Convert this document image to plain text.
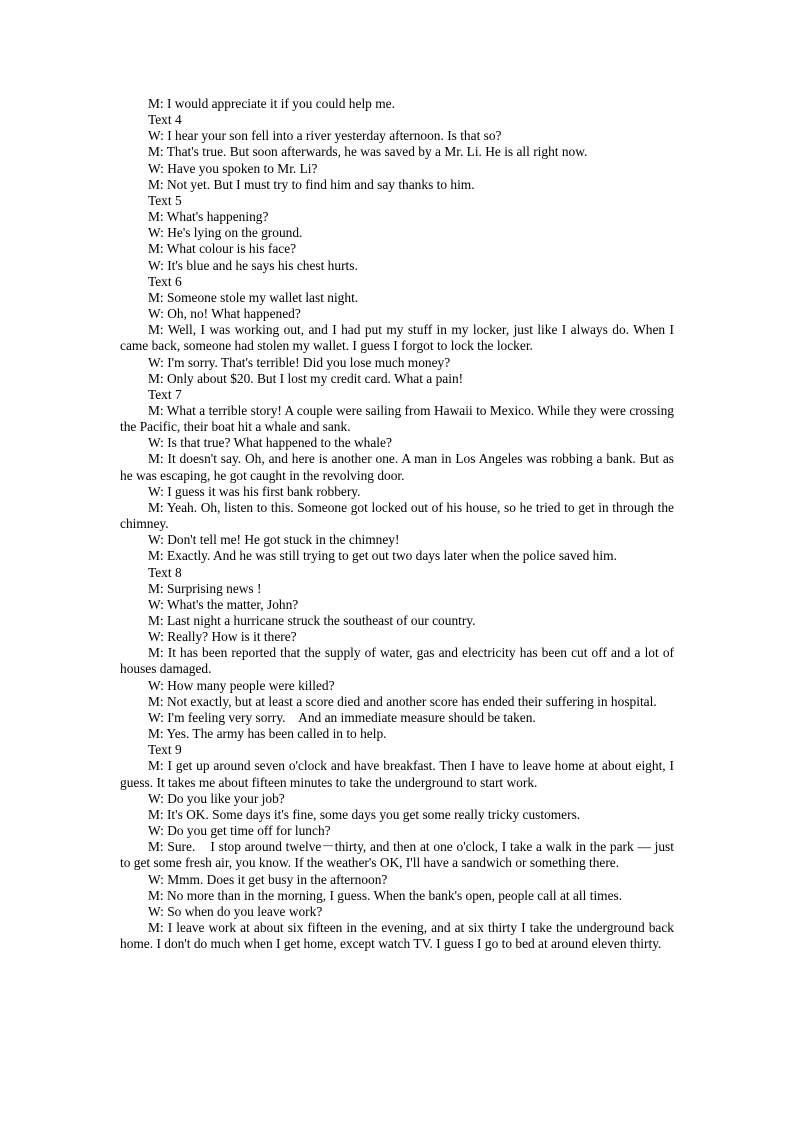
M: I would appreciate it if you could help me.

Text 4

W: I hear your son fell into a river yesterday afternoon. Is that so?

M: That's true. But soon afterwards, he was saved by a Mr. Li. He is all right now.

W: Have you spoken to Mr. Li?

M: Not yet. But I must try to find him and say thanks to him.

Text 5

M: What's happening?

W: He's lying on the ground.

M: What colour is his face?

W: It's blue and he says his chest hurts.

Text 6

M: Someone stole my wallet last night.

W: Oh, no! What happened?

M: Well, I was working out, and I had put my stuff in my locker, just like I always do. When I came back, someone had stolen my wallet. I guess I forgot to lock the locker.

W: I'm sorry. That's terrible! Did you lose much money?

M: Only about $20. But I lost my credit card. What a pain!

Text 7

M: What a terrible story! A couple were sailing from Hawaii to Mexico. While they were crossing the Pacific, their boat hit a whale and sank.

W: Is that true? What happened to the whale?

M: It doesn't say. Oh, and here is another one. A man in Los Angeles was robbing a bank. But as he was escaping, he got caught in the revolving door.

W: I guess it was his first bank robbery.

M: Yeah. Oh, listen to this. Someone got locked out of his house, so he tried to get in through the chimney.

W: Don't tell me! He got stuck in the chimney!

M: Exactly. And he was still trying to get out two days later when the police saved him.

Text 8

M: Surprising news !

W: What's the matter, John?

M: Last night a hurricane struck the southeast of our country.

W: Really? How is it there?

M: It has been reported that the supply of water, gas and electricity has been cut off and a lot of houses damaged.

W: How many people were killed?

M: Not exactly, but at least a score died and another score has ended their suffering in hospital.

W: I'm feeling very sorry.    And an immediate measure should be taken.

M: Yes. The army has been called in to help.

Text 9

M: I get up around seven o'clock and have breakfast. Then I have to leave home at about eight, I guess. It takes me about fifteen minutes to take the underground to start work.

W: Do you like your job?

M: It's OK. Some days it's fine, some days you get some really tricky customers.

W: Do you get time off for lunch?

M: Sure.    I stop around twelve－thirty, and then at one o'clock, I take a walk in the park — just to get some fresh air, you know. If the weather's OK, I'll have a sandwich or something there.

W: Mmm. Does it get busy in the afternoon?

M: No more than in the morning, I guess. When the bank's open, people call at all times.

W: So when do you leave work?

M: I leave work at about six fifteen in the evening, and at six thirty I take the underground back home. I don't do much when I get home, except watch TV. I guess I go to bed at around eleven thirty.
